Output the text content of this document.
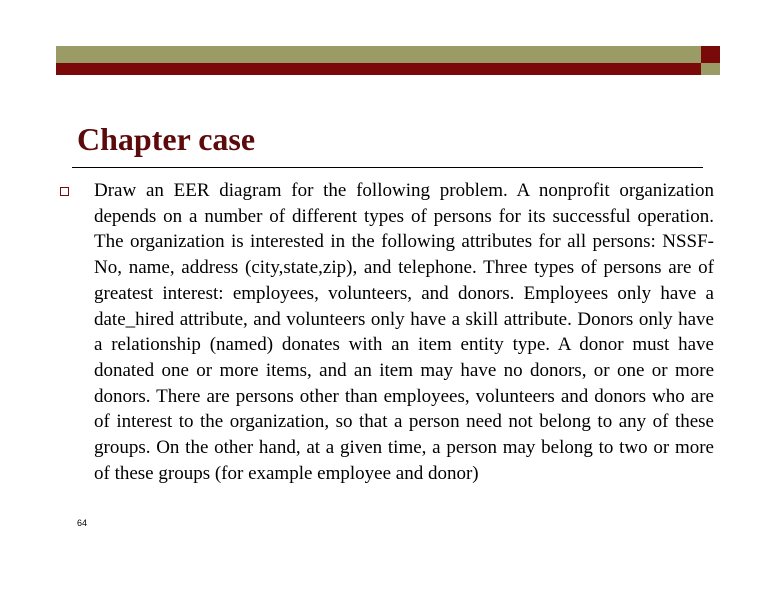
Chapter case

Draw an EER diagram for the following problem. A nonprofit organization depends on a number of different types of persons for its successful operation. The organization is interested in the following attributes for all persons: NSSF-No, name, address (city,state,zip), and telephone. Three types of persons are of greatest interest: employees, volunteers, and donors. Employees only have a date_hired attribute, and volunteers only have a skill attribute. Donors only have a relationship (named) donates with an item entity type. A donor must have donated one or more items, and an item may have no donors, or one or more donors. There are persons other than employees, volunteers and donors who are of interest to the organization, so that a person need not belong to any of these groups. On the other hand, at a given time, a person may belong to two or more of these groups (for example employee and donor)

64
